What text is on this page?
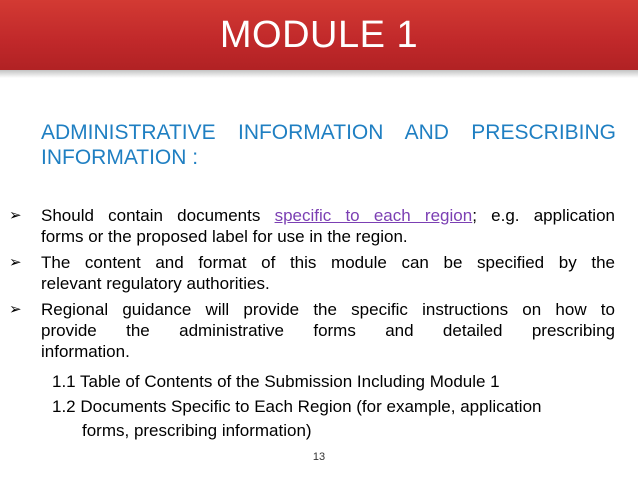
MODULE 1
ADMINISTRATIVE INFORMATION AND PRESCRIBING
INFORMATION :
➢ Should contain documents specific to each region; e.g. application
forms or the proposed label for use in the region.
➢ The content and format of this module can be specified by the
relevant regulatory authorities.
➢ Regional guidance will provide the specific instructions on how to
provide the administrative forms and detailed prescribing
information.
1.1 Table of Contents of the Submission Including Module 1
1.2 Documents Specific to Each Region (for example, application
forms, prescribing information)
13
